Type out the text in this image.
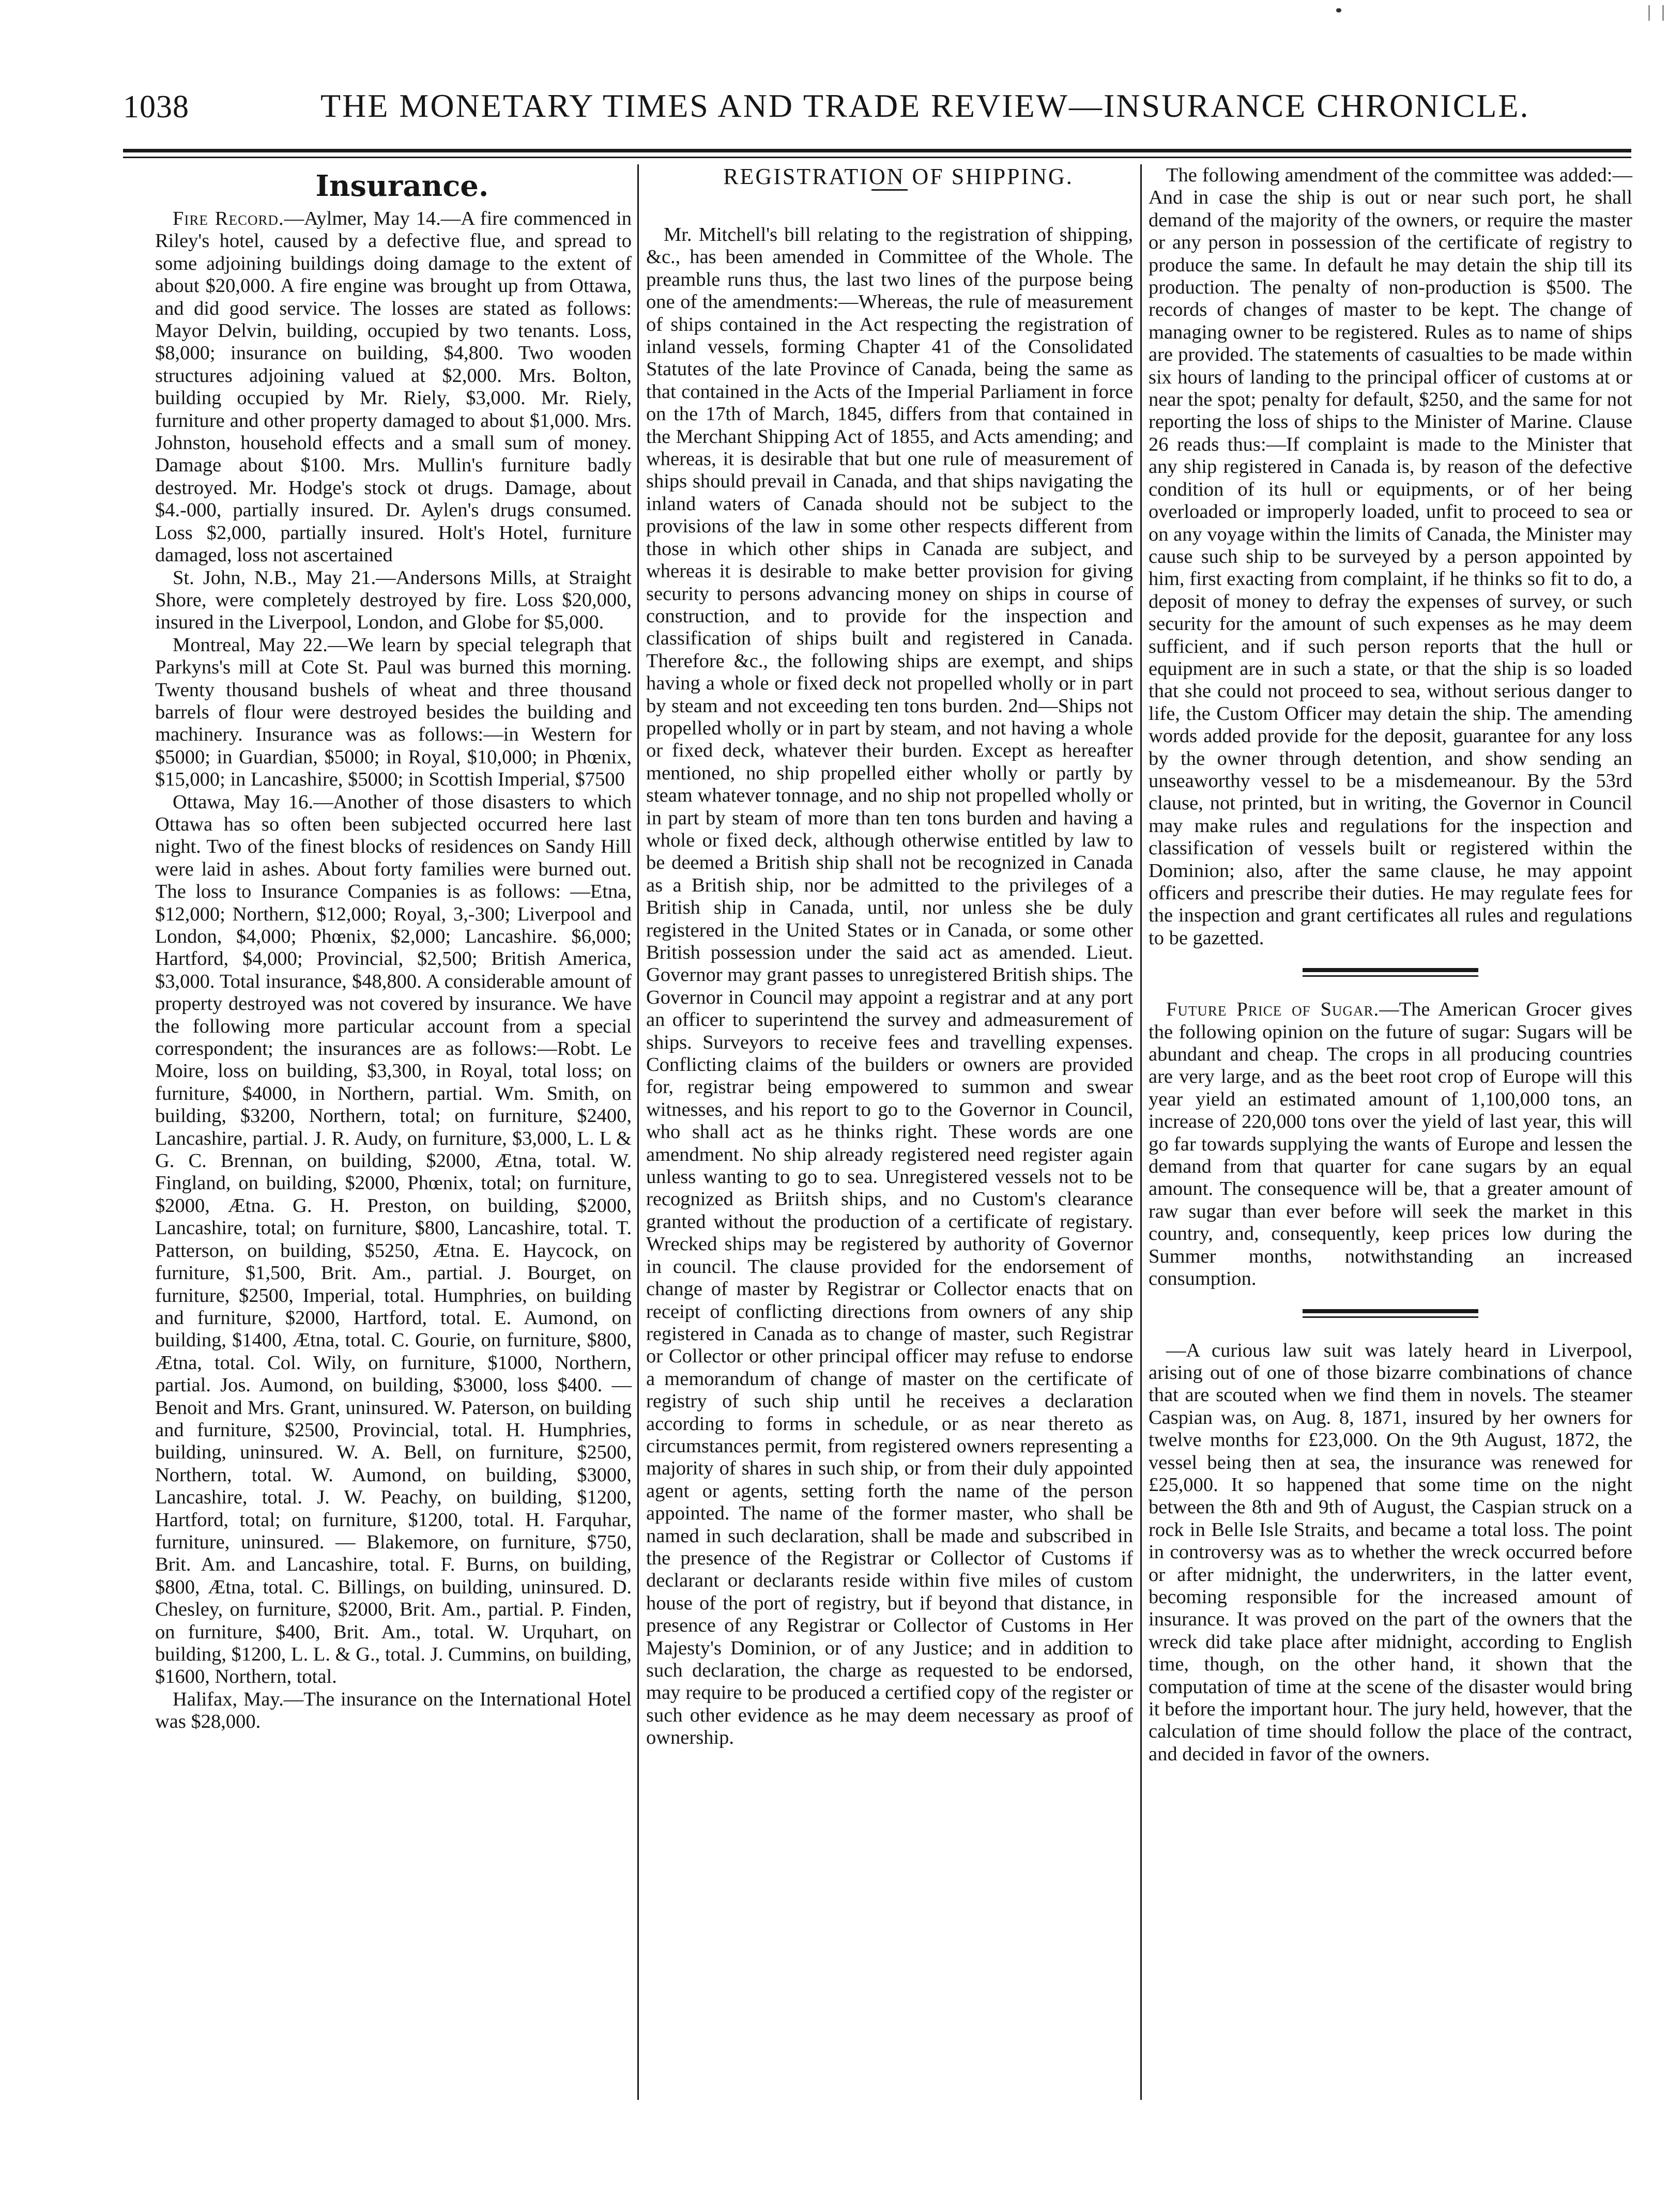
1038	THE MONETARY TIMES AND TRADE REVIEW—INSURANCE CHRONICLE.

Insurance.

Fire Record.—Aylmer, May 14.—A fire commenced in Riley's hotel, caused by a defective flue, and spread to some adjoining buildings doing damage to the extent of about $20,000. A fire engine was brought up from Ottawa, and did good service. The losses are stated as follows: Mayor Delvin, building, occupied by two tenants. Loss, $8,000; insurance on building, $4,800. Two wooden structures adjoining valued at $2,000. Mrs. Bolton, building occupied by Mr. Riely, $3,000. Mr. Riely, furniture and other property damaged to about $1,000. Mrs. Johnston, household effects and a small sum of money. Damage about $100. Mrs. Mullin's furniture badly destroyed. Mr. Hodge's stock ot drugs. Damage, about $4.-000, partially insured. Dr. Aylen's drugs consumed. Loss $2,000, partially insured. Holt's Hotel, furniture damaged, loss not ascertained

St. John, N.B., May 21.—Andersons Mills, at Straight Shore, were completely destroyed by fire. Loss $20,000, insured in the Liverpool, London, and Globe for $5,000.

Montreal, May 22.—We learn by special telegraph that Parkyns's mill at Cote St. Paul was burned this morning. Twenty thousand bushels of wheat and three thousand barrels of flour were destroyed besides the building and machinery. Insurance was as follows:—in Western for $5000; in Guardian, $5000; in Royal, $10,000; in Phœnix, $15,000; in Lancashire, $5000; in Scottish Imperial, $7500

Ottawa, May 16.—Another of those disasters to which Ottawa has so often been subjected occurred here last night. Two of the finest blocks of residences on Sandy Hill were laid in ashes. About forty families were burned out. The loss to Insurance Companies is as follows: —Etna, $12,000; Northern, $12,000; Royal, 3,-300; Liverpool and London, $4,000; Phœnix, $2,000; Lancashire. $6,000; Hartford, $4,000; Provincial, $2,500; British America, $3,000. Total insurance, $48,800. A considerable amount of property destroyed was not covered by insurance. We have the following more particular account from a special correspondent; the insurances are as follows:—Robt. Le Moire, loss on building, $3,300, in Royal, total loss; on furniture, $4000, in Northern, partial. Wm. Smith, on building, $3200, Northern, total; on furniture, $2400, Lancashire, partial. J. R. Audy, on furniture, $3,000, L. L & G. C. Brennan, on building, $2000, Ætna, total. W. Fingland, on building, $2000, Phœnix, total; on furniture, $2000, Ætna. G. H. Preston, on building, $2000, Lancashire, total; on furniture, $800, Lancashire, total. T. Patterson, on building, $5250, Ætna. E. Haycock, on furniture, $1,500, Brit. Am., partial. J. Bourget, on furniture, $2500, Imperial, total. Humphries, on building and furniture, $2000, Hartford, total. E. Aumond, on building, $1400, Ætna, total. C. Gourie, on furniture, $800, Ætna, total. Col. Wily, on furniture, $1000, Northern, partial. Jos. Aumond, on building, $3000, loss $400. — Benoit and Mrs. Grant, uninsured. W. Paterson, on building and furniture, $2500, Provincial, total. H. Humphries, building, uninsured. W. A. Bell, on furniture, $2500, Northern, total. W. Aumond, on building, $3000, Lancashire, total. J. W. Peachy, on building, $1200, Hartford, total; on furniture, $1200, total. H. Farquhar, furniture, uninsured. — Blakemore, on furniture, $750, Brit. Am. and Lancashire, total. F. Burns, on building, $800, Ætna, total. C. Billings, on building, uninsured. D. Chesley, on furniture, $2000, Brit. Am., partial. P. Finden, on furniture, $400, Brit. Am., total. W. Urquhart, on building, $1200, L. L. & G., total. J. Cummins, on building, $1600, Northern, total.

Halifax, May.—The insurance on the International Hotel was $28,000.

REGISTRATION OF SHIPPING.

Mr. Mitchell's bill relating to the registration of shipping, &c., has been amended in Committee of the Whole. The preamble runs thus, the last two lines of the purpose being one of the amendments:—Whereas, the rule of measurement of ships contained in the Act respecting the registration of inland vessels, forming Chapter 41 of the Consolidated Statutes of the late Province of Canada, being the same as that contained in the Acts of the Imperial Parliament in force on the 17th of March, 1845, differs from that contained in the Merchant Shipping Act of 1855, and Acts amending; and whereas, it is desirable that but one rule of measurement of ships should prevail in Canada, and that ships navigating the inland waters of Canada should not be subject to the provisions of the law in some other respects different from those in which other ships in Canada are subject, and whereas it is desirable to make better provision for giving security to persons advancing money on ships in course of construction, and to provide for the inspection and classification of ships built and registered in Canada. Therefore &c., the following ships are exempt, and ships having a whole or fixed deck not propelled wholly or in part by steam and not exceeding ten tons burden. 2nd—Ships not propelled wholly or in part by steam, and not having a whole or fixed deck, whatever their burden. Except as hereafter mentioned, no ship propelled either wholly or partly by steam whatever tonnage, and no ship not propelled wholly or in part by steam of more than ten tons burden and having a whole or fixed deck, although otherwise entitled by law to be deemed a British ship shall not be recognized in Canada as a British ship, nor be admitted to the privileges of a British ship in Canada, until, nor unless she be duly registered in the United States or in Canada, or some other British possession under the said act as amended. Lieut. Governor may grant passes to unregistered British ships. The Governor in Council may appoint a registrar and at any port an officer to superintend the survey and admeasurement of ships. Surveyors to receive fees and travelling expenses. Conflicting claims of the builders or owners are provided for, registrar being empowered to summon and swear witnesses, and his report to go to the Governor in Council, who shall act as he thinks right. These words are one amendment. No ship already registered need register again unless wanting to go to sea. Unregistered vessels not to be recognized as Briitsh ships, and no Custom's clearance granted without the production of a certificate of registary. Wrecked ships may be registered by authority of Governor in council. The clause provided for the endorsement of change of master by Registrar or Collector enacts that on receipt of conflicting directions from owners of any ship registered in Canada as to change of master, such Registrar or Collector or other principal officer may refuse to endorse a memorandum of change of master on the certificate of registry of such ship until he receives a declaration according to forms in schedule, or as near thereto as circumstances permit, from registered owners representing a majority of shares in such ship, or from their duly appointed agent or agents, setting forth the name of the person appointed. The name of the former master, who shall be named in such declaration, shall be made and subscribed in the presence of the Registrar or Collector of Customs if declarant or declarants reside within five miles of custom house of the port of registry, but if beyond that distance, in presence of any Registrar or Collector of Customs in Her Majesty's Dominion, or of any Justice; and in addition to such declaration, the charge as requested to be endorsed, may require to be produced a certified copy of the register or such other evidence as he may deem necessary as proof of ownership.

The following amendment of the committee was added:—And in case the ship is out or near such port, he shall demand of the majority of the owners, or require the master or any person in possession of the certificate of registry to produce the same. In default he may detain the ship till its production. The penalty of non-production is $500. The records of changes of master to be kept. The change of managing owner to be registered. Rules as to name of ships are provided. The statements of casualties to be made within six hours of landing to the principal officer of customs at or near the spot; penalty for default, $250, and the same for not reporting the loss of ships to the Minister of Marine. Clause 26 reads thus:—If complaint is made to the Minister that any ship registered in Canada is, by reason of the defective condition of its hull or equipments, or of her being overloaded or improperly loaded, unfit to proceed to sea or on any voyage within the limits of Canada, the Minister may cause such ship to be surveyed by a person appointed by him, first exacting from complaint, if he thinks so fit to do, a deposit of money to defray the expenses of survey, or such security for the amount of such expenses as he may deem sufficient, and if such person reports that the hull or equipment are in such a state, or that the ship is so loaded that she could not proceed to sea, without serious danger to life, the Custom Officer may detain the ship. The amending words added provide for the deposit, guarantee for any loss by the owner through detention, and show sending an unseaworthy vessel to be a misdemeanour. By the 53rd clause, not printed, but in writing, the Governor in Council may make rules and regulations for the inspection and classification of vessels built or registered within the Dominion; also, after the same clause, he may appoint officers and prescribe their duties. He may regulate fees for the inspection and grant certificates all rules and regulations to be gazetted.

Future Price of Sugar.—The American Grocer gives the following opinion on the future of sugar: Sugars will be abundant and cheap. The crops in all producing countries are very large, and as the beet root crop of Europe will this year yield an estimated amount of 1,100,000 tons, an increase of 220,000 tons over the yield of last year, this will go far towards supplying the wants of Europe and lessen the demand from that quarter for cane sugars by an equal amount. The consequence will be, that a greater amount of raw sugar than ever before will seek the market in this country, and, consequently, keep prices low during the Summer months, notwithstanding an increased consumption.

—A curious law suit was lately heard in Liverpool, arising out of one of those bizarre combinations of chance that are scouted when we find them in novels. The steamer Caspian was, on Aug. 8, 1871, insured by her owners for twelve months for £23,000. On the 9th August, 1872, the vessel being then at sea, the insurance was renewed for £25,000. It so happened that some time on the night between the 8th and 9th of August, the Caspian struck on a rock in Belle Isle Straits, and became a total loss. The point in controversy was as to whether the wreck occurred before or after midnight, the underwriters, in the latter event, becoming responsible for the increased amount of insurance. It was proved on the part of the owners that the wreck did take place after midnight, according to English time, though, on the other hand, it shown that the computation of time at the scene of the disaster would bring it before the important hour. The jury held, however, that the calculation of time should follow the place of the contract, and decided in favor of the owners.
